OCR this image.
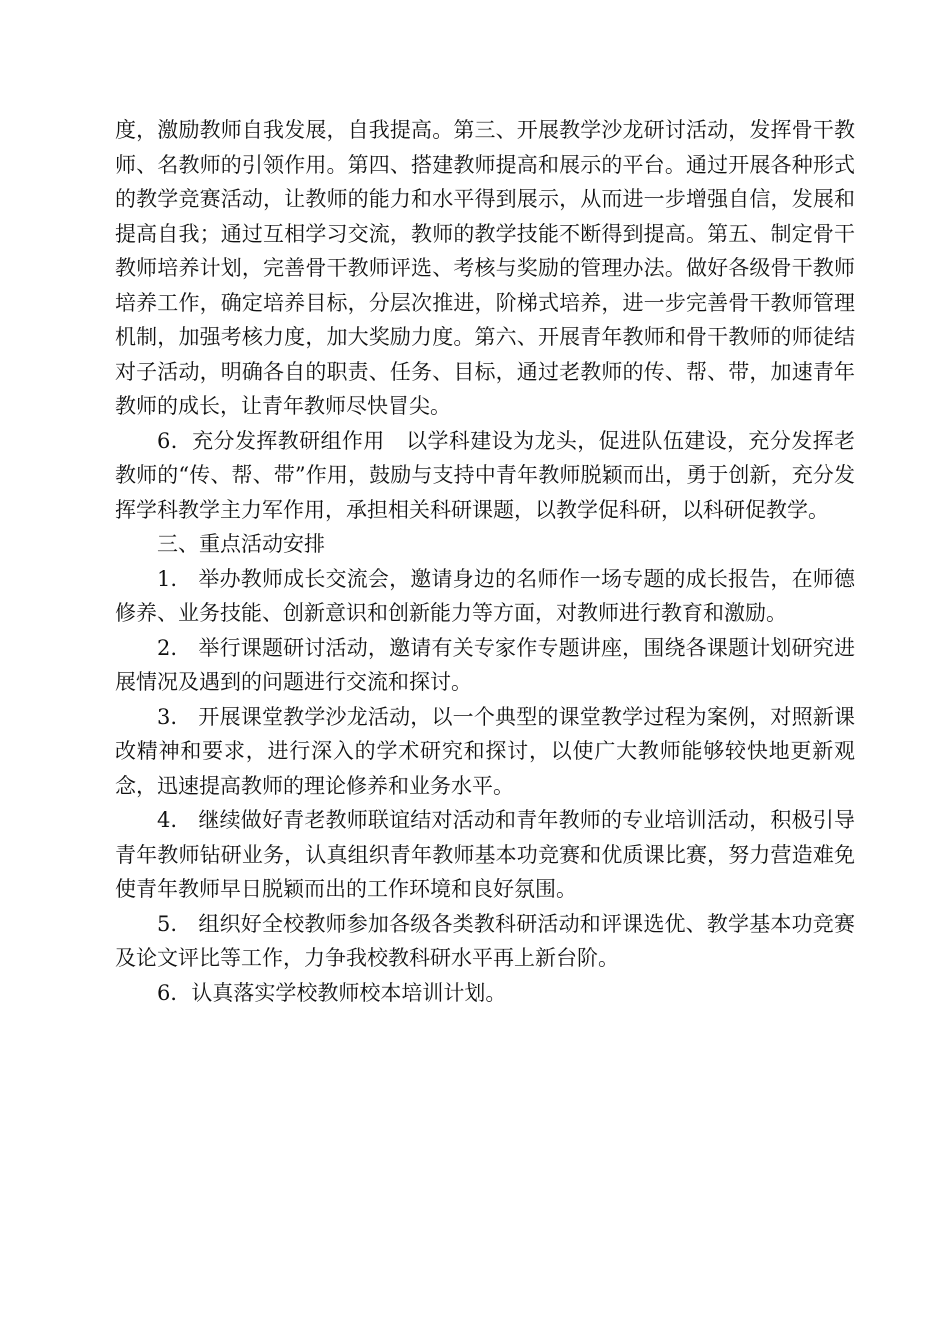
度，激励教师自我发展，自我提高。第三、开展教学沙龙研讨活动，发挥骨干教师、名教师的引领作用。第四、搭建教师提高和展示的平台。通过开展各种形式的教学竞赛活动，让教师的能力和水平得到展示，从而进一步增强自信，发展和提高自我；通过互相学习交流，教师的教学技能不断得到提高。第五、制定骨干教师培养计划，完善骨干教师评选、考核与奖励的管理办法。做好各级骨干教师培养工作，确定培养目标，分层次推进，阶梯式培养，进一步完善骨干教师管理机制，加强考核力度，加大奖励力度。第六、开展青年教师和骨干教师的师徒结对子活动，明确各自的职责、任务、目标，通过老教师的传、帮、带，加速青年教师的成长，让青年教师尽快冒尖。

6．充分发挥教研组作用　以学科建设为龙头，促进队伍建设，充分发挥老教师的“传、帮、带”作用，鼓励与支持中青年教师脱颖而出，勇于创新，充分发挥学科教学主力军作用，承担相关科研课题，以教学促科研，以科研促教学。

三、重点活动安排

1.　举办教师成长交流会，邀请身边的名师作一场专题的成长报告，在师德修养、业务技能、创新意识和创新能力等方面，对教师进行教育和激励。

2.　举行课题研讨活动，邀请有关专家作专题讲座，围绕各课题计划研究进展情况及遇到的问题进行交流和探讨。

3.　开展课堂教学沙龙活动，以一个典型的课堂教学过程为案例，对照新课改精神和要求，进行深入的学术研究和探讨，以使广大教师能够较快地更新观念，迅速提高教师的理论修养和业务水平。

4.　继续做好青老教师联谊结对活动和青年教师的专业培训活动，积极引导青年教师钻研业务，认真组织青年教师基本功竞赛和优质课比赛，努力营造难免使青年教师早日脱颖而出的工作环境和良好氛围。

5.　组织好全校教师参加各级各类教科研活动和评课选优、教学基本功竞赛及论文评比等工作，力争我校教科研水平再上新台阶。

6．认真落实学校教师校本培训计划。
